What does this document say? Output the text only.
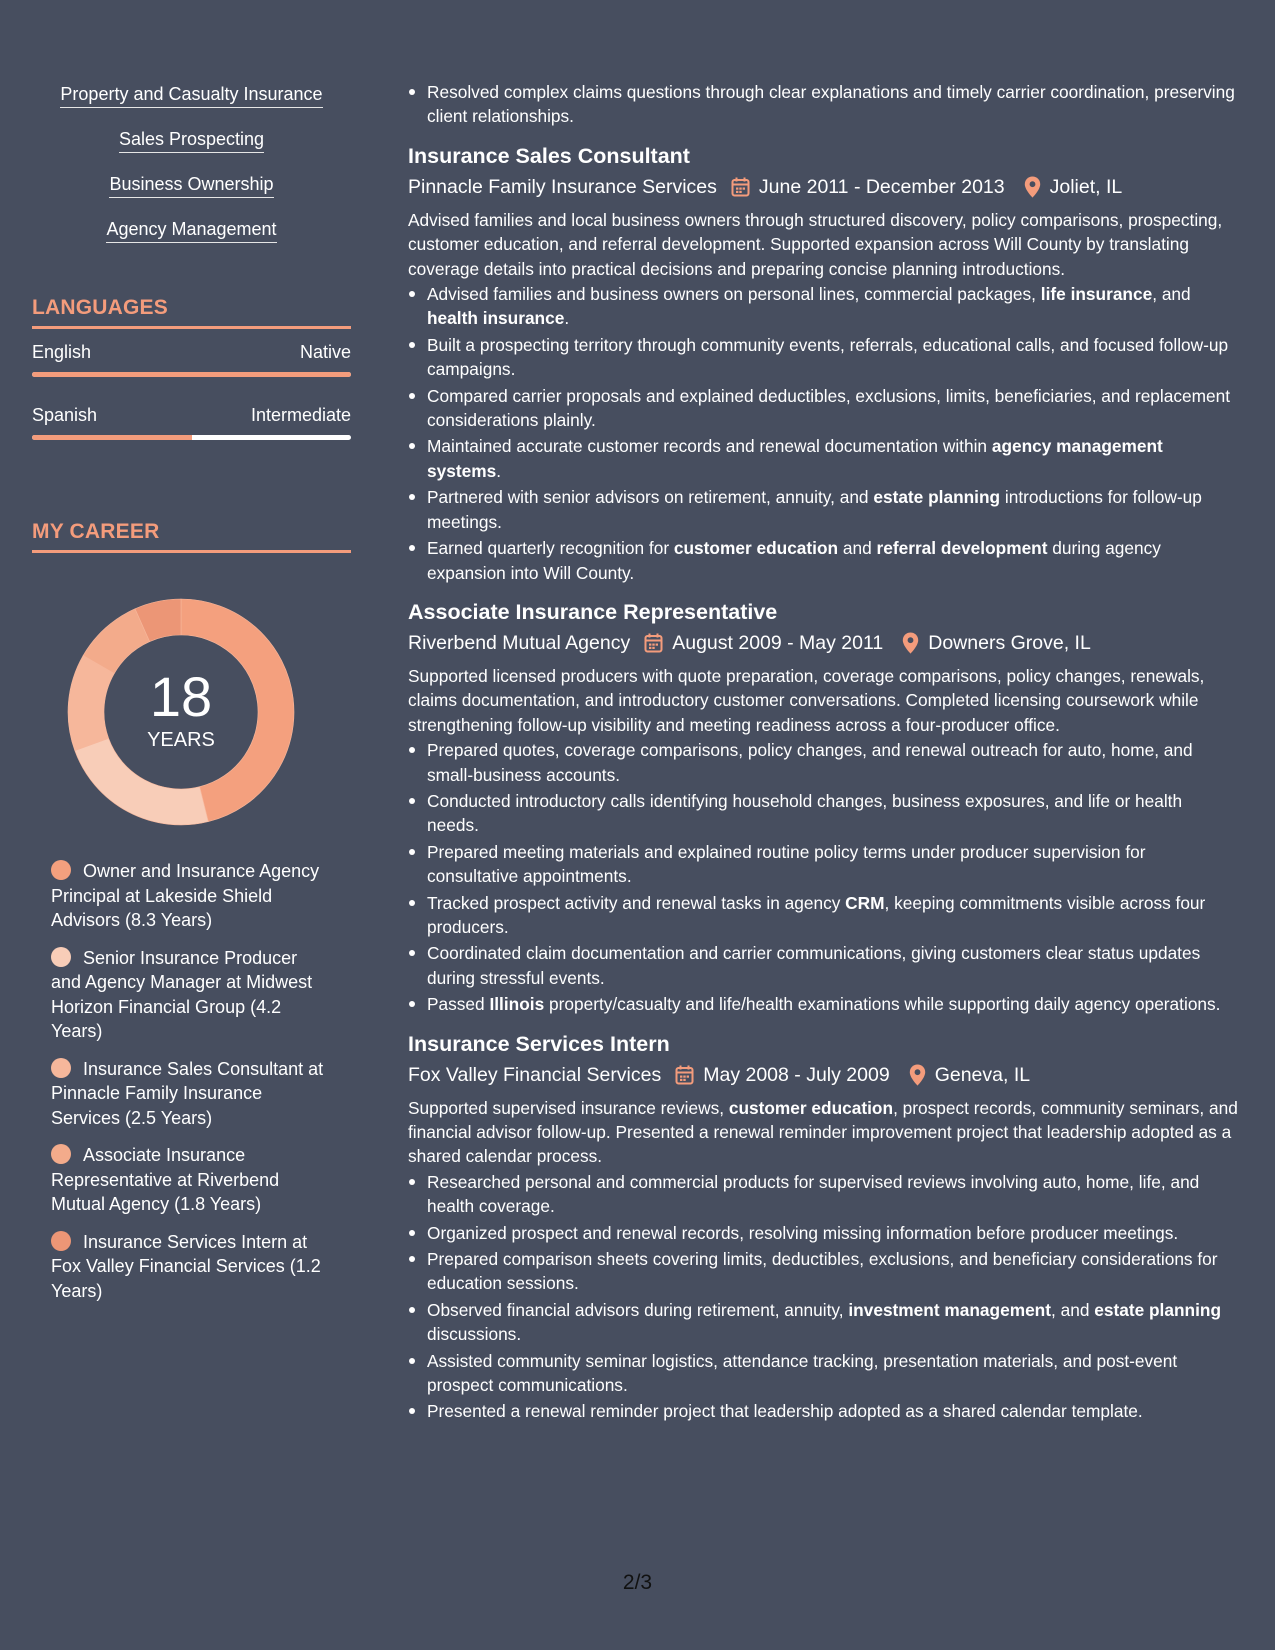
Property and Casualty Insurance
Sales Prospecting
Business Ownership
Agency Management
LANGUAGES
English	Native
Spanish	Intermediate
MY CAREER
18
YEARS
Owner and Insurance Agency Principal at Lakeside Shield Advisors (8.3 Years)
Senior Insurance Producer and Agency Manager at Midwest Horizon Financial Group (4.2 Years)
Insurance Sales Consultant at Pinnacle Family Insurance Services (2.5 Years)
Associate Insurance Representative at Riverbend Mutual Agency (1.8 Years)
Insurance Services Intern at Fox Valley Financial Services (1.2 Years)
Resolved complex claims questions through clear explanations and timely carrier coordination, preserving client relationships.
Insurance Sales Consultant
Pinnacle Family Insurance Services June 2011 - December 2013 Joliet, IL
Advised families and local business owners through structured discovery, policy comparisons, prospecting, customer education, and referral development. Supported expansion across Will County by translating coverage details into practical decisions and preparing concise planning introductions.
Advised families and business owners on personal lines, commercial packages, life insurance, and health insurance.
Built a prospecting territory through community events, referrals, educational calls, and focused follow-up campaigns.
Compared carrier proposals and explained deductibles, exclusions, limits, beneficiaries, and replacement considerations plainly.
Maintained accurate customer records and renewal documentation within agency management systems.
Partnered with senior advisors on retirement, annuity, and estate planning introductions for follow-up meetings.
Earned quarterly recognition for customer education and referral development during agency expansion into Will County.
Associate Insurance Representative
Riverbend Mutual Agency August 2009 - May 2011 Downers Grove, IL
Supported licensed producers with quote preparation, coverage comparisons, policy changes, renewals, claims documentation, and introductory customer conversations. Completed licensing coursework while strengthening follow-up visibility and meeting readiness across a four-producer office.
Prepared quotes, coverage comparisons, policy changes, and renewal outreach for auto, home, and small-business accounts.
Conducted introductory calls identifying household changes, business exposures, and life or health needs.
Prepared meeting materials and explained routine policy terms under producer supervision for consultative appointments.
Tracked prospect activity and renewal tasks in agency CRM, keeping commitments visible across four producers.
Coordinated claim documentation and carrier communications, giving customers clear status updates during stressful events.
Passed Illinois property/casualty and life/health examinations while supporting daily agency operations.
Insurance Services Intern
Fox Valley Financial Services May 2008 - July 2009 Geneva, IL
Supported supervised insurance reviews, customer education, prospect records, community seminars, and financial advisor follow-up. Presented a renewal reminder improvement project that leadership adopted as a shared calendar process.
Researched personal and commercial products for supervised reviews involving auto, home, life, and health coverage.
Organized prospect and renewal records, resolving missing information before producer meetings.
Prepared comparison sheets covering limits, deductibles, exclusions, and beneficiary considerations for education sessions.
Observed financial advisors during retirement, annuity, investment management, and estate planning discussions.
Assisted community seminar logistics, attendance tracking, presentation materials, and post-event prospect communications.
Presented a renewal reminder project that leadership adopted as a shared calendar template.
2/3
